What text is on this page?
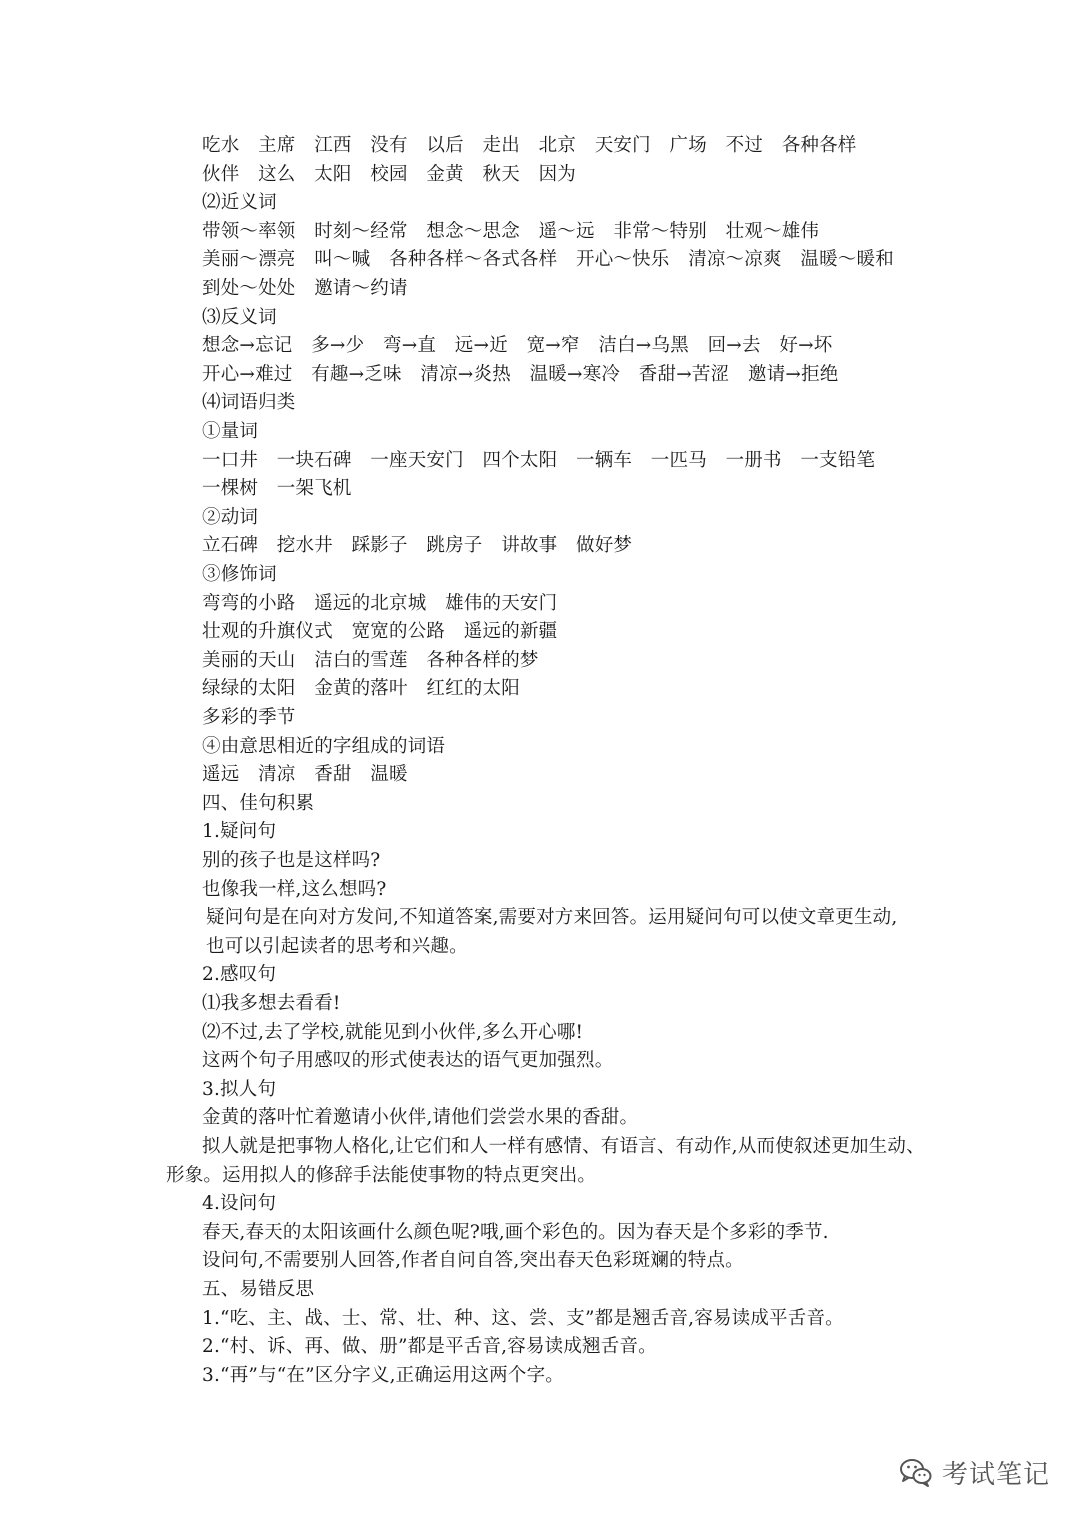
吃水　主席　江西　没有　以后　走出　北京　天安门　广场　不过　各种各样
伙伴　这么　太阳　校园　金黄　秋天　因为
⑵近义词
带领～率领　时刻～经常　想念～思念　遥～远　非常～特别　壮观～雄伟
美丽～漂亮　叫～喊　各种各样～各式各样　开心～快乐　清凉～凉爽　温暖～暖和
到处～处处　邀请～约请
⑶反义词
想念→忘记　多→少　弯→直　远→近　宽→窄　洁白→乌黑　回→去　好→坏
开心→难过　有趣→乏味　清凉→炎热　温暖→寒冷　香甜→苦涩　邀请→拒绝
⑷词语归类
①量词
一口井　一块石碑　一座天安门　四个太阳　一辆车　一匹马　一册书　一支铅笔
一棵树　一架飞机
②动词
立石碑　挖水井　踩影子　跳房子　讲故事　做好梦
③修饰词
弯弯的小路　遥远的北京城　雄伟的天安门
壮观的升旗仪式　宽宽的公路　遥远的新疆
美丽的天山　洁白的雪莲　各种各样的梦
绿绿的太阳　金黄的落叶　红红的太阳
多彩的季节
④由意思相近的字组成的词语
遥远　清凉　香甜　温暖
四、佳句积累
1.疑问句
别的孩子也是这样吗?
也像我一样,这么想吗?
疑问句是在向对方发问,不知道答案,需要对方来回答。运用疑问句可以使文章更生动,
也可以引起读者的思考和兴趣。
2.感叹句
⑴我多想去看看!
⑵不过,去了学校,就能见到小伙伴,多么开心哪!
这两个句子用感叹的形式使表达的语气更加强烈。
3.拟人句
金黄的落叶忙着邀请小伙伴,请他们尝尝水果的香甜。
拟人就是把事物人格化,让它们和人一样有感情、有语言、有动作,从而使叙述更加生动、
形象。运用拟人的修辞手法能使事物的特点更突出。
4.设问句
春天,春天的太阳该画什么颜色呢?哦,画个彩色的。因为春天是个多彩的季节.
设问句,不需要别人回答,作者自问自答,突出春天色彩斑斓的特点。
五、易错反思
1.“吃、主、战、士、常、壮、种、这、尝、支”都是翘舌音,容易读成平舌音。
2.“村、诉、再、做、册”都是平舌音,容易读成翘舌音。
3.“再”与“在”区分字义,正确运用这两个字。
考试笔记
